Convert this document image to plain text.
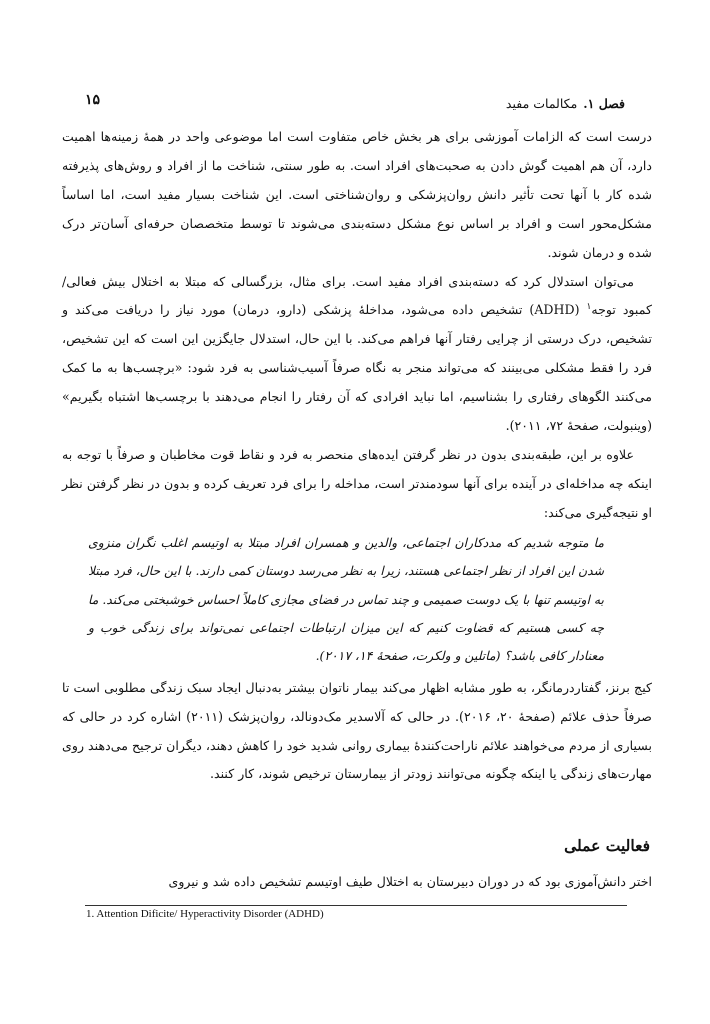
فصل ۱.
مکالمات مفید
۱۵

درست است که الزامات آموزشی برای هر بخش خاص متفاوت است اما موضوعی واحد در همهٔ زمینه‌ها اهمیت دارد، آن هم اهمیت گوش دادن به صحبت‌های افراد است. به طور سنتی، شناخت ما از افراد و روش‌های پذیرفته شده کار با آنها تحت تأثیر دانش روان‌پزشکی و روان‌شناختی است. این شناخت بسیار مفید است، اما اساساً مشکل‌محور است و افراد بر اساس نوع مشکل دسته‌بندی می‌شوند تا توسط متخصصان حرفه‌ای آسان‌تر درک شده و درمان شوند.

می‌توان استدلال کرد که دسته‌بندی افراد مفید است. برای مثال، بزرگسالی که مبتلا به اختلال بیش فعالی/ کمبود توجه$^۱$ (ADHD) تشخیص داده می‌شود، مداخلهٔ پزشکی (دارو، درمان) مورد نیاز را دریافت می‌کند و تشخیص، درک درستی از چرایی رفتار آنها فراهم می‌کند. با این حال، استدلال جایگزین این است که این تشخیص، فرد را فقط مشکلی می‌بینند که می‌تواند منجر به نگاه صرفاً آسیب‌شناسی به فرد شود: «برچسب‌ها به ما کمک می‌کنند الگوهای رفتاری را بشناسیم، اما نباید افرادی که آن رفتار را انجام می‌دهند با برچسب‌ها اشتباه بگیریم» (وینبولت، صفحهٔ ۷۲، ۲۰۱۱).

علاوه بر این، طبقه‌بندی بدون در نظر گرفتن ایده‌های منحصر به فرد و نقاط قوت مخاطبان و صرفاً با توجه به اینکه چه مداخله‌ای در آینده برای آنها سودمندتر است، مداخله را برای فرد تعریف کرده و بدون در نظر گرفتن نظر او نتیجه‌گیری می‌کند:

ما متوجه شدیم که مددکاران اجتماعی، والدین و همسران افراد مبتلا به اوتیسم اغلب نگران منزوی شدن این افراد از نظر اجتماعی هستند، زیرا به نظر می‌رسد دوستان کمی دارند. با این حال، فرد مبتلا به اوتیسم تنها با یک دوست صمیمی و چند تماس در فضای مجازی کاملاً احساس خوشبختی می‌کند. ما چه کسی هستیم که قضاوت کنیم که این میزان ارتباطات اجتماعی نمی‌تواند برای زندگی خوب و معنادار کافی باشد؟ (ماتلین و ولکرت، صفحهٔ ۱۴، ۲۰۱۷).

کیج برنز، گفتاردرمانگر، به طور مشابه اظهار می‌کند بیمار ناتوان بیشتر به‌دنبال ایجاد سبک زندگی مطلوبی است تا صرفاً حذف علائم (صفحهٔ ۲۰، ۲۰۱۶). در حالی که آلاسدیر مک‌دونالد، روان‌پزشک (۲۰۱۱) اشاره کرد در حالی که بسیاری از مردم می‌خواهند علائم ناراحت‌کنندهٔ بیماری روانی شدید خود را کاهش دهند، دیگران ترجیح می‌دهند روی مهارت‌های زندگی یا اینکه چگونه می‌توانند زودتر از بیمارستان ترخیص شوند، کار کنند.

فعالیت عملی
اختر دانش‌آموزی بود که در دوران دبیرستان به اختلال طیف اوتیسم تشخیص داده شد و نیروی
1. Attention Dificite/ Hyperactivity Disorder (ADHD)
